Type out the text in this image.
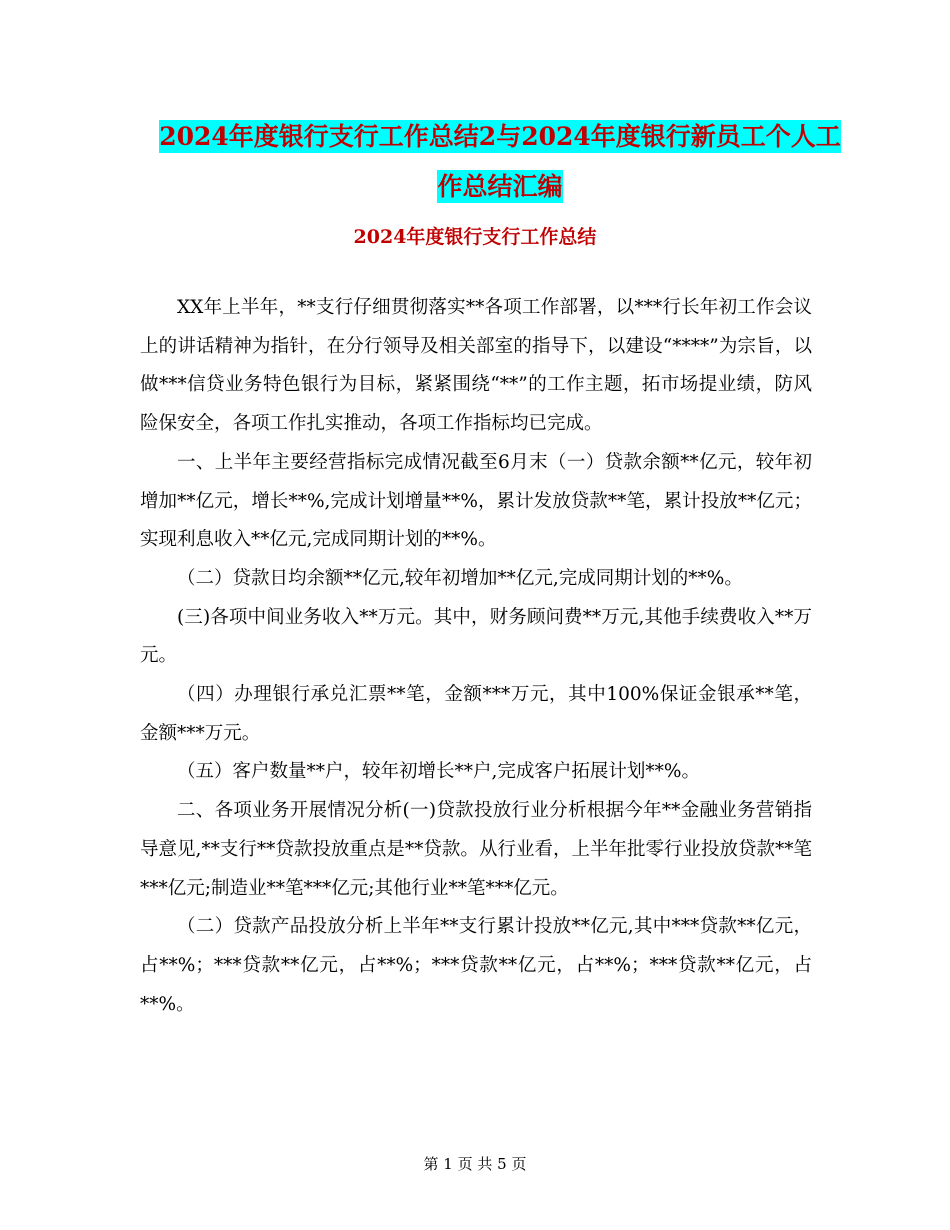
2024年度银行支行工作总结2与2024年度银行新员工个人工作总结汇编
2024年度银行支行工作总结

XX年上半年，**支行仔细贯彻落实**各项工作部署，以***行长年初工作会议上的讲话精神为指针，在分行领导及相关部室的指导下，以建设“****”为宗旨，以做***信贷业务特色银行为目标，紧紧围绕“**”的工作主题，拓市场提业绩，防风险保安全，各项工作扎实推动，各项工作指标均已完成。

一、上半年主要经营指标完成情况截至6月末（一）贷款余额**亿元，较年初增加**亿元，增长**%,完成计划增量**%，累计发放贷款**笔，累计投放**亿元；实现利息收入**亿元,完成同期计划的**%。

（二）贷款日均余额**亿元,较年初增加**亿元,完成同期计划的**%。

(三)各项中间业务收入**万元。其中，财务顾问费**万元,其他手续费收入**万元。

（四）办理银行承兑汇票**笔，金额***万元，其中100%保证金银承**笔，金额***万元。

（五）客户数量**户，较年初增长**户,完成客户拓展计划**%。

二、各项业务开展情况分析(一)贷款投放行业分析根据今年**金融业务营销指导意见,**支行**贷款投放重点是**贷款。从行业看，上半年批零行业投放贷款**笔***亿元;制造业**笔***亿元;其他行业**笔***亿元。

（二）贷款产品投放分析上半年**支行累计投放**亿元,其中***贷款**亿元，占**%；***贷款**亿元，占**%；***贷款**亿元，占**%；***贷款**亿元，占**%。

第 1 页 共 5 页
